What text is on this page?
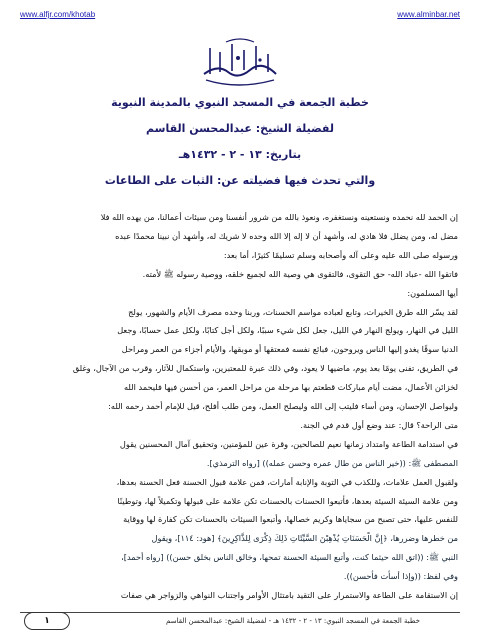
www.alfjr.com/khotab	www.alminbar.net
خطبة الجمعة في المسجد النبوي بالمدينة النبوية
لفضيلة الشيخ: عبدالمحسن القاسم
بتاريخ: ١٣ - ٢ - ١٤٣٢هـ
والتي تحدث فيها فضيلته عن: الثبات على الطاعات
إن الحمد لله نحمده ونستعينه ونستغفره، ونعوذ بالله من شرور أنفسنا ومن سيئات أعمالنا، من يهده الله فلا
مضل له، ومن يضلل فلا هادي له، وأشهد أن لا إله إلا الله وحده لا شريك له، وأشهد أن نبينا محمدًا عبده
ورسوله صلى الله عليه وعلى آله وأصحابه وسلم تسليمًا كثيرًا، أما بعد:
فاتقوا الله -عباد الله- حق التقوى، فالتقوى هي وصية الله لجميع خلقه، ووصية رسوله ﷺ لأمته.
أيها المسلمون:
لقد يسّر الله طرق الخيرات، وتابع لعباده مواسم الحسنات، وربنا وحده مصرف الأيام والشهور، يولج
الليل في النهار، ويولج النهار في الليل، جعل لكل شيء سببًا، ولكل أجل كتابًا، ولكل عمل حسابًا، وجعل
الدنيا سوقًا يغدو إليها الناس ويروحون، فبائع نفسه فمعتقها أو موبقها، والأيام أجزاء من العمر ومراحل
في الطريق، تفنى يومًا بعد يوم، ماضيها لا يعود، وفي ذلك عبرة للمعتبرين، واستكمال للآثار، وقرب من الآجال، وغلق
لخزائن الأعمال، مضت أيام مباركات قطعتم بها مرحلة من مراحل العمر، من أحسن فيها فليحمد الله
وليواصل الإحسان، ومن أساء فليتب إلى الله وليصلح العمل، ومن طلب أفلح، قيل للإمام أحمد رحمه الله:
متى الراحة؟ قال: عند وضع أول قدم في الجنة.
في استدامة الطاعة وامتداد زمانها نعيم للصالحين، وقرة عين للمؤمنين، وتحقيق آمال المحسنين يقول
المصطفى ﷺ: ((خير الناس من طال عمره وحسن عمله)) [رواه الترمذي].
ولقبول العمل علامات، وللكذب في التوبة والإنابة أمارات، فمن علامة قبول الحسنة فعل الحسنة بعدها،
ومن علامة السيئة السيئة بعدها، فأتبعوا الحسنات بالحسنات تكن علامة على قبولها وتكميلاً لها، وتوطينًا
للنفس عليها، حتى تصبح من سجاياها وكريم خصالها، وأتبعوا السيئات بالحسنات تكن كفارة لها ووقاية
من خطرها وضررها، ﴿إِنَّ الْحَسَنَاتِ يُذْهِبْنَ السَّيِّئَاتِ ذَلِكَ ذِكْرَى لِلذَّاكِرِينَ﴾ [هود: ١١٤]، ويقول
النبي ﷺ: ((اتق الله حيثما كنت، وأتبع السيئة الحسنة تمحها، وخالق الناس بخلق حسن)) [رواه أحمد]،
وفي لفظ: ((وإذا أسأت فأحسن)).
إن الاستقامة على الطاعة والاستمرار على التقيد بامتثال الأوامر واجتناب النواهي والزواجر هي صفات
خطبة الجمعة في المسجد النبوي: ١٣ - ٢ - ١٤٣٢ هـ - لفضيلة الشيخ: عبدالمحسن القاسم
١
